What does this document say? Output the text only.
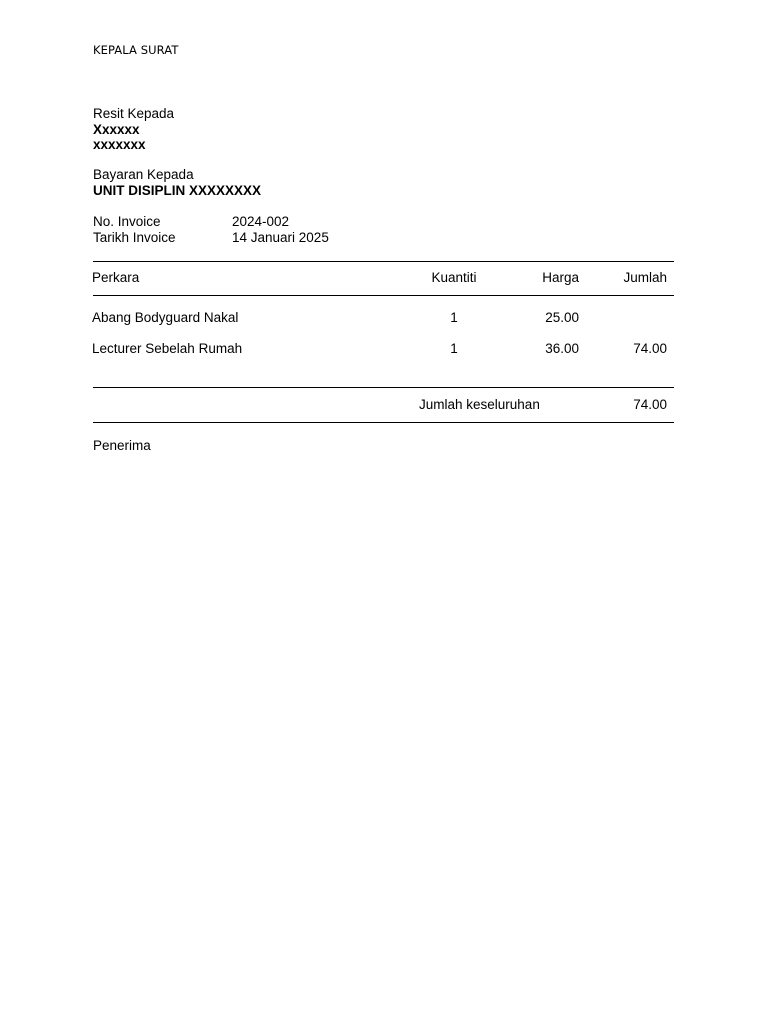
KEPALA SURAT
Resit Kepada
Xxxxxx
xxxxxxx
Bayaran Kepada
UNIT DISIPLIN XXXXXXXX
No. Invoice	2024-002
Tarikh Invoice	14 Januari 2025
Perkara	Kuantiti	Harga	Jumlah
Abang Bodyguard Nakal	1	25.00
Lecturer Sebelah Rumah	1	36.00	74.00
Jumlah keseluruhan	74.00
Penerima
